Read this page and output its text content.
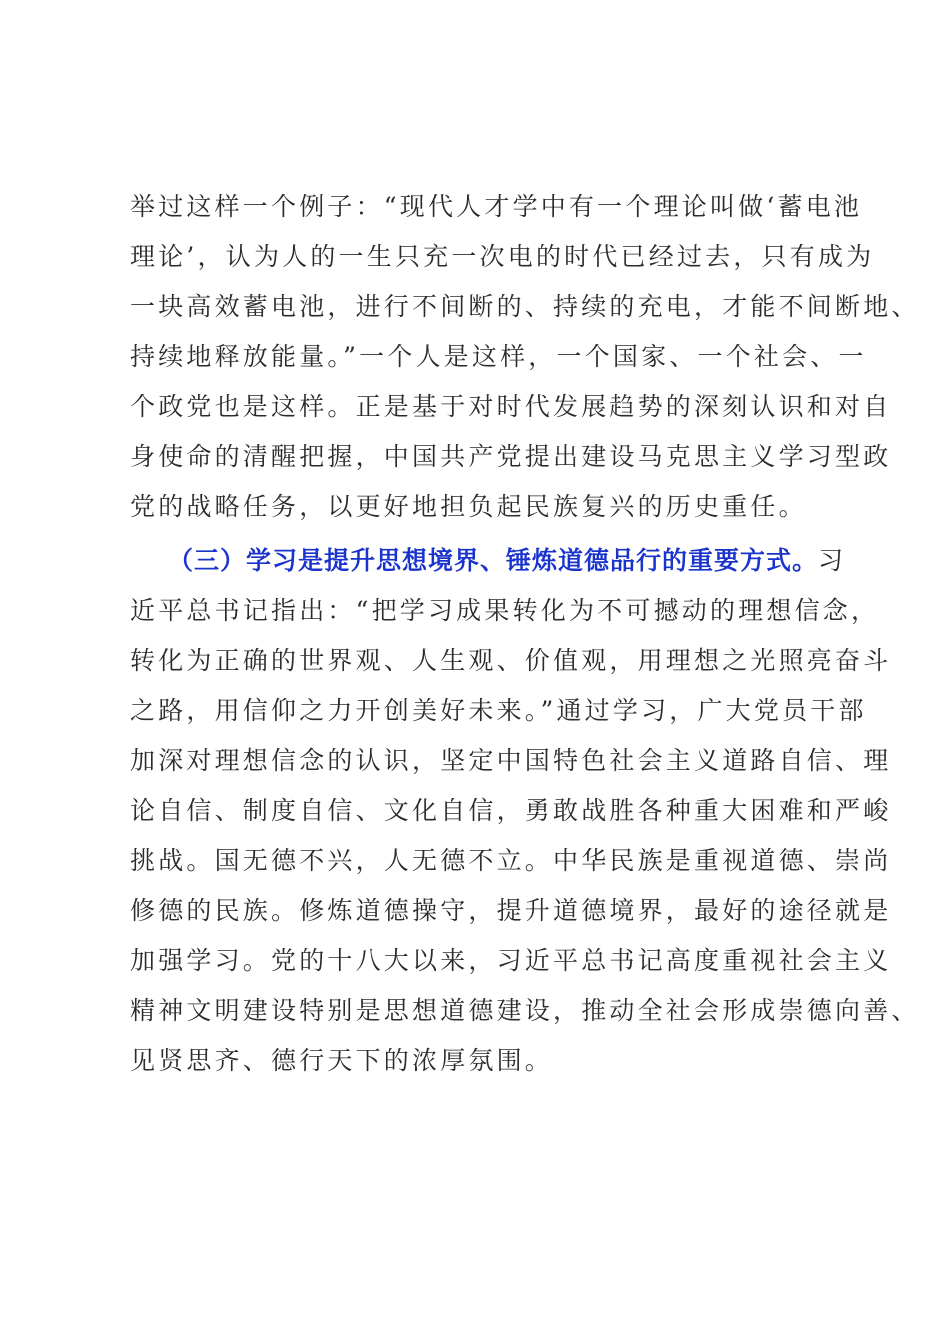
举过这样一个例子：“现代人才学中有一个理论叫做‘蓄电池
理论’，认为人的一生只充一次电的时代已经过去，只有成为
一块高效蓄电池，进行不间断的、持续的充电，才能不间断地、
持续地释放能量。”一个人是这样，一个国家、一个社会、一
个政党也是这样。正是基于对时代发展趋势的深刻认识和对自
身使命的清醒把握，中国共产党提出建设马克思主义学习型政
党的战略任务，以更好地担负起民族复兴的历史重任。
（三）学习是提升思想境界、锤炼道德品行的重要方式。习
近平总书记指出：“把学习成果转化为不可撼动的理想信念，
转化为正确的世界观、人生观、价值观，用理想之光照亮奋斗
之路，用信仰之力开创美好未来。”通过学习，广大党员干部
加深对理想信念的认识，坚定中国特色社会主义道路自信、理
论自信、制度自信、文化自信，勇敢战胜各种重大困难和严峻
挑战。国无德不兴，人无德不立。中华民族是重视道德、崇尚
修德的民族。修炼道德操守，提升道德境界，最好的途径就是
加强学习。党的十八大以来，习近平总书记高度重视社会主义
精神文明建设特别是思想道德建设，推动全社会形成崇德向善、
见贤思齐、德行天下的浓厚氛围。
